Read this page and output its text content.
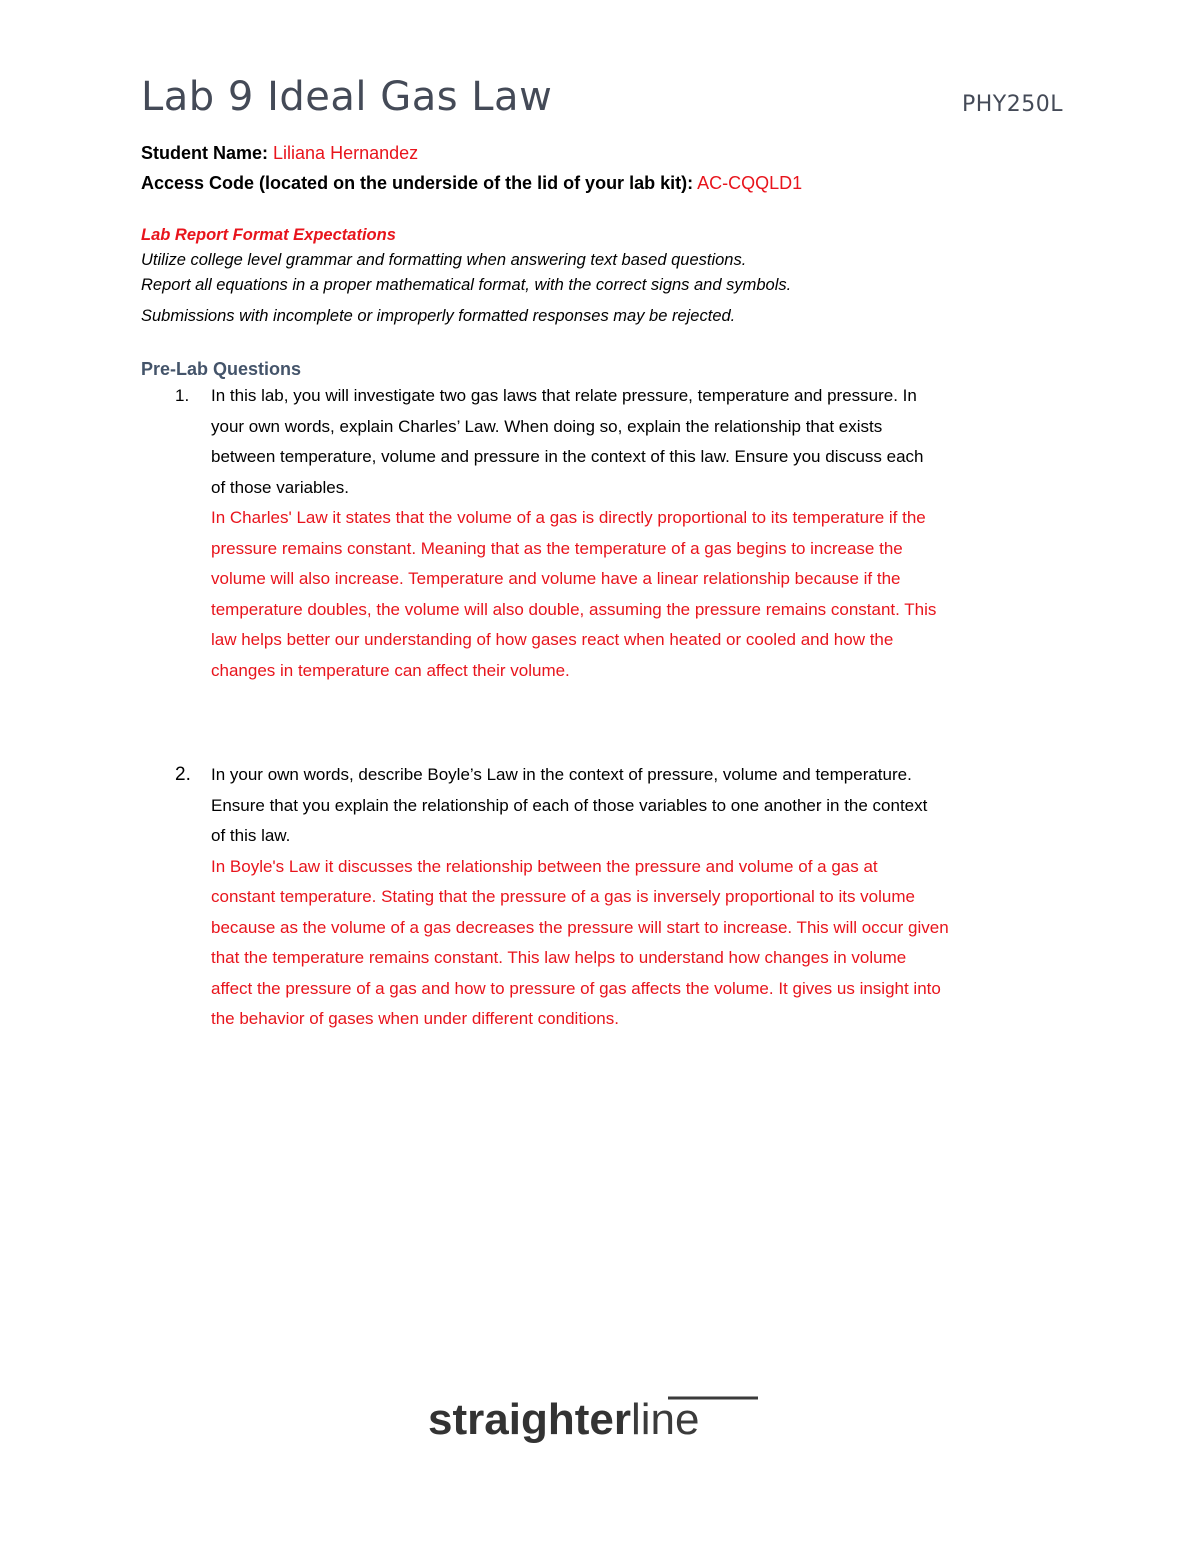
Lab 9 Ideal Gas Law	PHY250L
Student Name: Liliana Hernandez
Access Code (located on the underside of the lid of your lab kit): AC-CQQLD1
Lab Report Format Expectations
Utilize college level grammar and formatting when answering text based questions.
Report all equations in a proper mathematical format, with the correct signs and symbols.
Submissions with incomplete or improperly formatted responses may be rejected.
Pre-Lab Questions
1. In this lab, you will investigate two gas laws that relate pressure, temperature and pressure. In
your own words, explain Charles’ Law. When doing so, explain the relationship that exists
between temperature, volume and pressure in the context of this law. Ensure you discuss each
of those variables.
In Charles' Law it states that the volume of a gas is directly proportional to its temperature if the
pressure remains constant. Meaning that as the temperature of a gas begins to increase the
volume will also increase. Temperature and volume have a linear relationship because if the
temperature doubles, the volume will also double, assuming the pressure remains constant. This
law helps better our understanding of how gases react when heated or cooled and how the
changes in temperature can affect their volume.
2. In your own words, describe Boyle’s Law in the context of pressure, volume and temperature.
Ensure that you explain the relationship of each of those variables to one another in the context
of this law.
In Boyle's Law it discusses the relationship between the pressure and volume of a gas at
constant temperature. Stating that the pressure of a gas is inversely proportional to its volume
because as the volume of a gas decreases the pressure will start to increase. This will occur given
that the temperature remains constant. This law helps to understand how changes in volume
affect the pressure of a gas and how to pressure of gas affects the volume. It gives us insight into
the behavior of gases when under different conditions.
straighterline
